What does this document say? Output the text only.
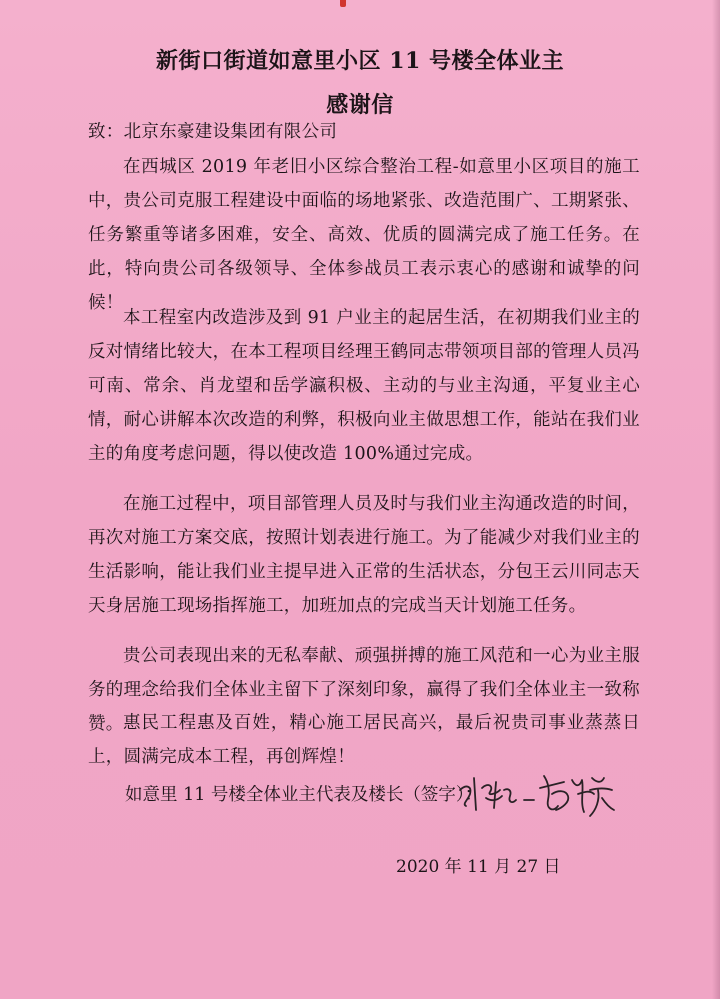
新街口街道如意里小区 11 号楼全体业主
感谢信
致：北京东豪建设集团有限公司
在西城区 2019 年老旧小区综合整治工程-如意里小区项目的施工中，贵公司克服工程建设中面临的场地紧张、改造范围广、工期紧张、任务繁重等诸多困难，安全、高效、优质的圆满完成了施工任务。在此，特向贵公司各级领导、全体参战员工表示衷心的感谢和诚挚的问候！
本工程室内改造涉及到 91 户业主的起居生活，在初期我们业主的反对情绪比较大，在本工程项目经理王鹤同志带领项目部的管理人员冯可南、常余、肖龙望和岳学瀛积极、主动的与业主沟通，平复业主心情，耐心讲解本次改造的利弊，积极向业主做思想工作，能站在我们业主的角度考虑问题，得以使改造 100%通过完成。
在施工过程中，项目部管理人员及时与我们业主沟通改造的时间，再次对施工方案交底，按照计划表进行施工。为了能减少对我们业主的生活影响，能让我们业主提早进入正常的生活状态，分包王云川同志天天身居施工现场指挥施工，加班加点的完成当天计划施工任务。
贵公司表现出来的无私奉献、顽强拼搏的施工风范和一心为业主服务的理念给我们全体业主留下了深刻印象，赢得了我们全体业主一致称赞。 惠民工程惠及百姓，精心施工居民高兴，最后祝贵司事业蒸蒸日上，圆满完成本工程，再创辉煌！
如意里 11 号楼全体业主代表及楼长（签字）：
2020 年 11 月 27 日
